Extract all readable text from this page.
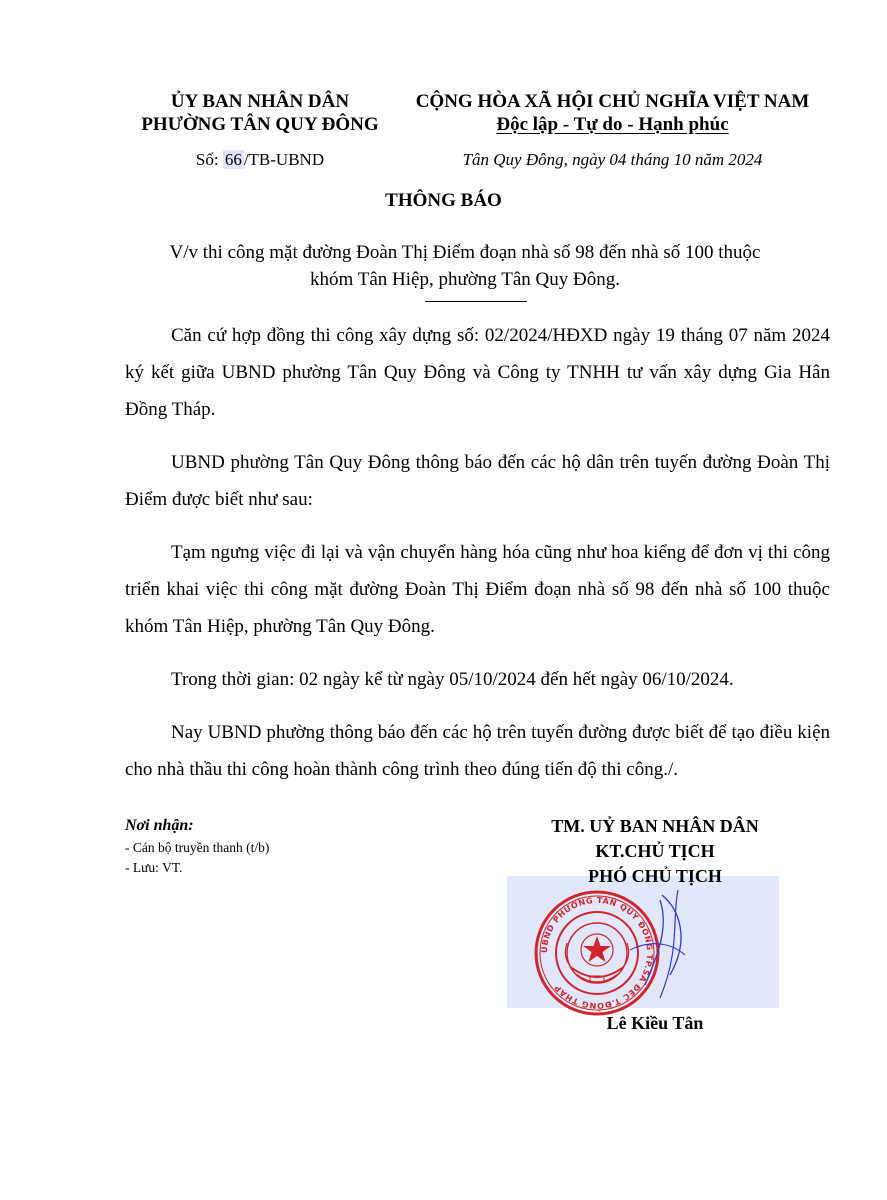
ỦY BAN NHÂN DÂN
PHƯỜNG TÂN QUY ĐÔNG
CỘNG HÒA XÃ HỘI CHỦ NGHĨA VIỆT NAM
Độc lập - Tự do - Hạnh phúc
Số: 66 /TB-UBND	Tân Quy Đông, ngày 04 tháng 10 năm 2024
THÔNG BÁO
V/v thi công mặt đường Đoàn Thị Điểm đoạn nhà số 98 đến nhà số 100 thuộc
khóm Tân Hiệp, phường Tân Quy Đông.

Căn cứ hợp đồng thi công xây dựng số: 02/2024/HĐXD ngày 19 tháng 07 năm 2024 ký kết giữa UBND phường Tân Quy Đông và Công ty TNHH tư vấn xây dựng Gia Hân Đồng Tháp.

UBND phường Tân Quy Đông thông báo đến các hộ dân trên tuyến đường Đoàn Thị Điểm được biết như sau:

Tạm ngưng việc đi lại và vận chuyển hàng hóa cũng như hoa kiểng để đơn vị thi công triển khai việc thi công mặt đường Đoàn Thị Điểm đoạn nhà số 98 đến nhà số 100 thuộc khóm Tân Hiệp, phường Tân Quy Đông.

Trong thời gian: 02 ngày kể từ ngày 05/10/2024 đến hết ngày 06/10/2024.

Nay UBND phường thông báo đến các hộ trên tuyến đường được biết để tạo điều kiện cho nhà thầu thi công hoàn thành công trình theo đúng tiến độ thi công./.

Nơi nhận:
- Cán bộ truyền thanh (t/b)
- Lưu: VT.
TM. UỶ BAN NHÂN DÂN
KT.CHỦ TỊCH
PHÓ CHỦ TỊCH
UBND PHƯỜNG TÂN QUY ĐÔNG TP.SA ĐÉC T.ĐỒNG THÁP
Lê Kiều Tân
